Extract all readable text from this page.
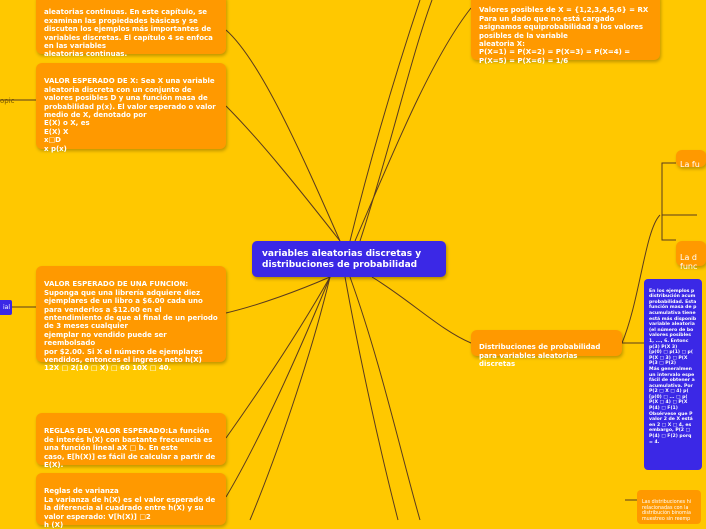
variables aleatorias discretas y distribuciones de probabilidad

aleatorias continuas. En este capítulo, se
examinan las propiedades básicas y se
discuten los ejemplos más importantes de
variables discretas. El capítulo 4 se enfoca
en las variables
aleatorias continuas.

VALOR ESPERADO DE X: Sea X una variable
aleatoria discreta con un conjunto de
valores posibles D y una función masa de
probabilidad p(x). El valor esperado o valor
medio de X, denotado por
E(X) o X, es
E(X) X
x□D
x p(x)

VALOR ESPERADO DE UNA FUNCION:
Suponga que una librería adquiere diez
ejemplares de un libro a $6.00 cada uno
para venderlos a $12.00 en el
entendimiento de que al final de un periodo
de 3 meses cualquier
ejemplar no vendido puede ser reembolsado
por $2.00. Si X el número de ejemplares
vendidos, entonces el ingreso neto h(X)
12X □ 2(10 □ X) □ 60 10X □ 40.

REGLAS DEL VALOR ESPERADO:La función
de interés h(X) con bastante frecuencia es
una función lineal aX □ b. En este
caso, E[h(X)] es fácil de calcular a partir de
E(X).

Reglas de varianza
La varianza de h(X) es el valor esperado de
la diferencia al cuadrado entre h(X) y su
valor esperado: V[h(X)] □2
h (X)

Valores posibles de X = {1,2,3,4,5,6} = RX
Para un dado que no está cargado
asignamos equiprobabilidad a los valores
posibles de la variable
aleatoria X:
P(X=1) = P(X=2) = P(X=3) = P(X=4) =
P(X=5) = P(X=6) = 1/6

Distribuciones de probabilidad
para variables aleatorias discretas

La fu

La d
func

En los ejemplos p
distribución acum
probabilidad. Esta
función masa de p
acumulativa tiene
está más disponib
variable aleatoria
(el número de bo
valores posibles
1, ..., 6. Entonc
p(3) P(X 3)
[p(0) □ p(1) □ p(
P(X □ 3) □ P(X
P(3 □ P(2)
Más generalmen
un intervalo espe
fácil de obtener a
acumulativa. Por
P(2 □ X □ 4) p(
[p(0) □ ... □ p(
P(X □ 4) □ P(X
P(4) □ F(1)
Obsérvese que P
valor 2 de X está
en 2 □ X □ 4, es
embargo, P(2 □
P(4) □ F(2) porq
= 4.

Las distribuciones hi
relacionadas con la
distribución binomia
muestreo sin reemp

opic
ial
